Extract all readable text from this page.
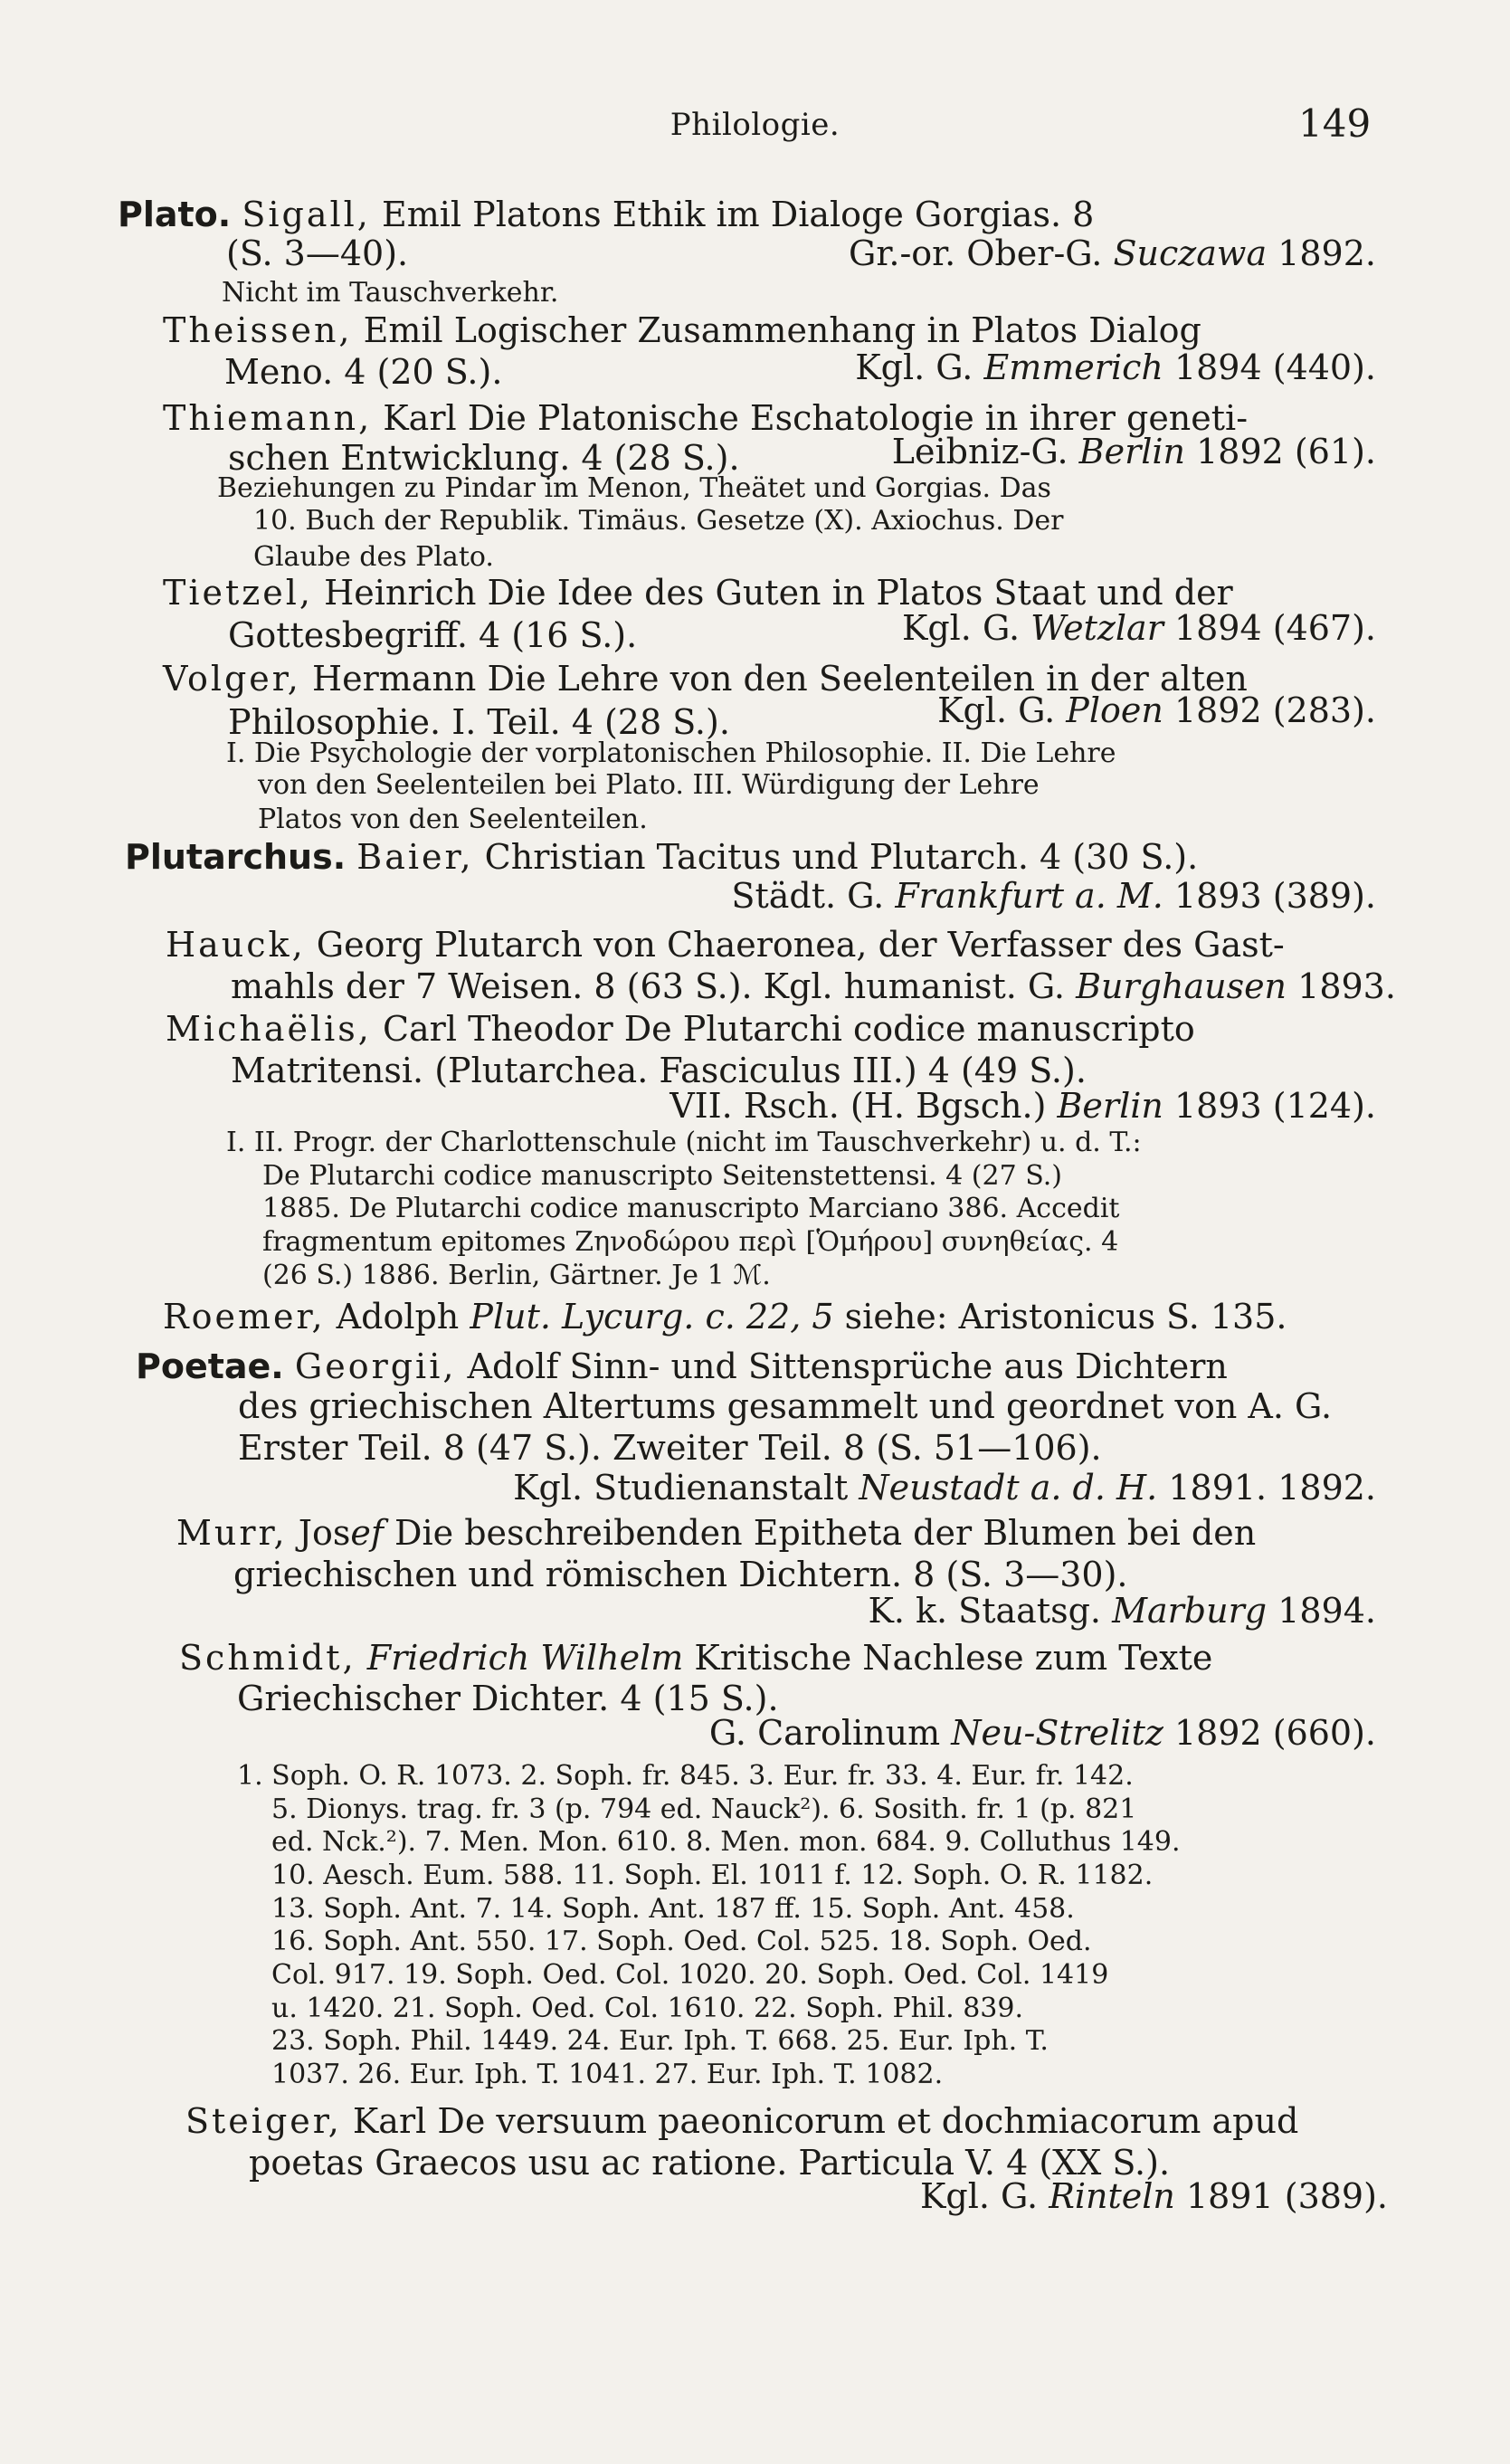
Philologie.	149
Plato. Sigall, Emil Platons Ethik im Dialoge Gorgias. 8
(S. 3—40).	Gr.-or. Ober-G. Suczawa 1892.
Nicht im Tauschverkehr.
Theissen, Emil Logischer Zusammenhang in Platos Dialog
Meno. 4 (20 S.).	Kgl. G. Emmerich 1894 (440).
Thiemann, Karl Die Platonische Eschatologie in ihrer geneti-
schen Entwicklung. 4 (28 S.).	Leibniz-G. Berlin 1892 (61).
Beziehungen zu Pindar im Menon, Theätet und Gorgias. Das
10. Buch der Republik. Timäus. Gesetze (X). Axiochus. Der
Glaube des Plato.
Tietzel, Heinrich Die Idee des Guten in Platos Staat und der
Gottesbegriff. 4 (16 S.).	Kgl. G. Wetzlar 1894 (467).
Volger, Hermann Die Lehre von den Seelenteilen in der alten
Philosophie. I. Teil. 4 (28 S.).	Kgl. G. Ploen 1892 (283).
I. Die Psychologie der vorplatonischen Philosophie. II. Die Lehre
von den Seelenteilen bei Plato. III. Würdigung der Lehre
Platos von den Seelenteilen.
Plutarchus. Baier, Christian Tacitus und Plutarch. 4 (30 S.).
Städt. G. Frankfurt a. M. 1893 (389).
Hauck, Georg Plutarch von Chaeronea, der Verfasser des Gast-
mahls der 7 Weisen. 8 (63 S.). Kgl. humanist. G. Burghausen 1893.
Michaëlis, Carl Theodor De Plutarchi codice manuscripto
Matritensi. (Plutarchea. Fasciculus III.) 4 (49 S.).
VII. Rsch. (H. Bgsch.) Berlin 1893 (124).
I. II. Progr. der Charlottenschule (nicht im Tauschverkehr) u. d. T.:
De Plutarchi codice manuscripto Seitenstettensi. 4 (27 S.)
1885. De Plutarchi codice manuscripto Marciano 386. Accedit
fragmentum epitomes Ζηνοδώρου περὶ [Ὁμήρου] συνηθείας. 4
(26 S.) 1886. Berlin, Gärtner. Je 1 ℳ.
Roemer, Adolph Plut. Lycurg. c. 22, 5 siehe: Aristonicus S. 135.
Poetae. Georgii, Adolf Sinn- und Sittensprüche aus Dichtern
des griechischen Altertums gesammelt und geordnet von A. G.
Erster Teil. 8 (47 S.). Zweiter Teil. 8 (S. 51—106).
Kgl. Studienanstalt Neustadt a. d. H. 1891. 1892.
Murr, Josef Die beschreibenden Epitheta der Blumen bei den
griechischen und römischen Dichtern. 8 (S. 3—30).
K. k. Staatsg. Marburg 1894.
Schmidt, Friedrich Wilhelm Kritische Nachlese zum Texte
Griechischer Dichter. 4 (15 S.).
G. Carolinum Neu-Strelitz 1892 (660).
1. Soph. O. R. 1073. 2. Soph. fr. 845. 3. Eur. fr. 33. 4. Eur. fr. 142.
5. Dionys. trag. fr. 3 (p. 794 ed. Nauck²). 6. Sosith. fr. 1 (p. 821
ed. Nck.²). 7. Men. Mon. 610. 8. Men. mon. 684. 9. Colluthus 149.
10. Aesch. Eum. 588. 11. Soph. El. 1011 f. 12. Soph. O. R. 1182.
13. Soph. Ant. 7. 14. Soph. Ant. 187 ff. 15. Soph. Ant. 458.
16. Soph. Ant. 550. 17. Soph. Oed. Col. 525. 18. Soph. Oed.
Col. 917. 19. Soph. Oed. Col. 1020. 20. Soph. Oed. Col. 1419
u. 1420. 21. Soph. Oed. Col. 1610. 22. Soph. Phil. 839.
23. Soph. Phil. 1449. 24. Eur. Iph. T. 668. 25. Eur. Iph. T.
1037. 26. Eur. Iph. T. 1041. 27. Eur. Iph. T. 1082.
Steiger, Karl De versuum paeonicorum et dochmiacorum apud
poetas Graecos usu ac ratione. Particula V. 4 (XX S.).
Kgl. G. Rinteln 1891 (389).
